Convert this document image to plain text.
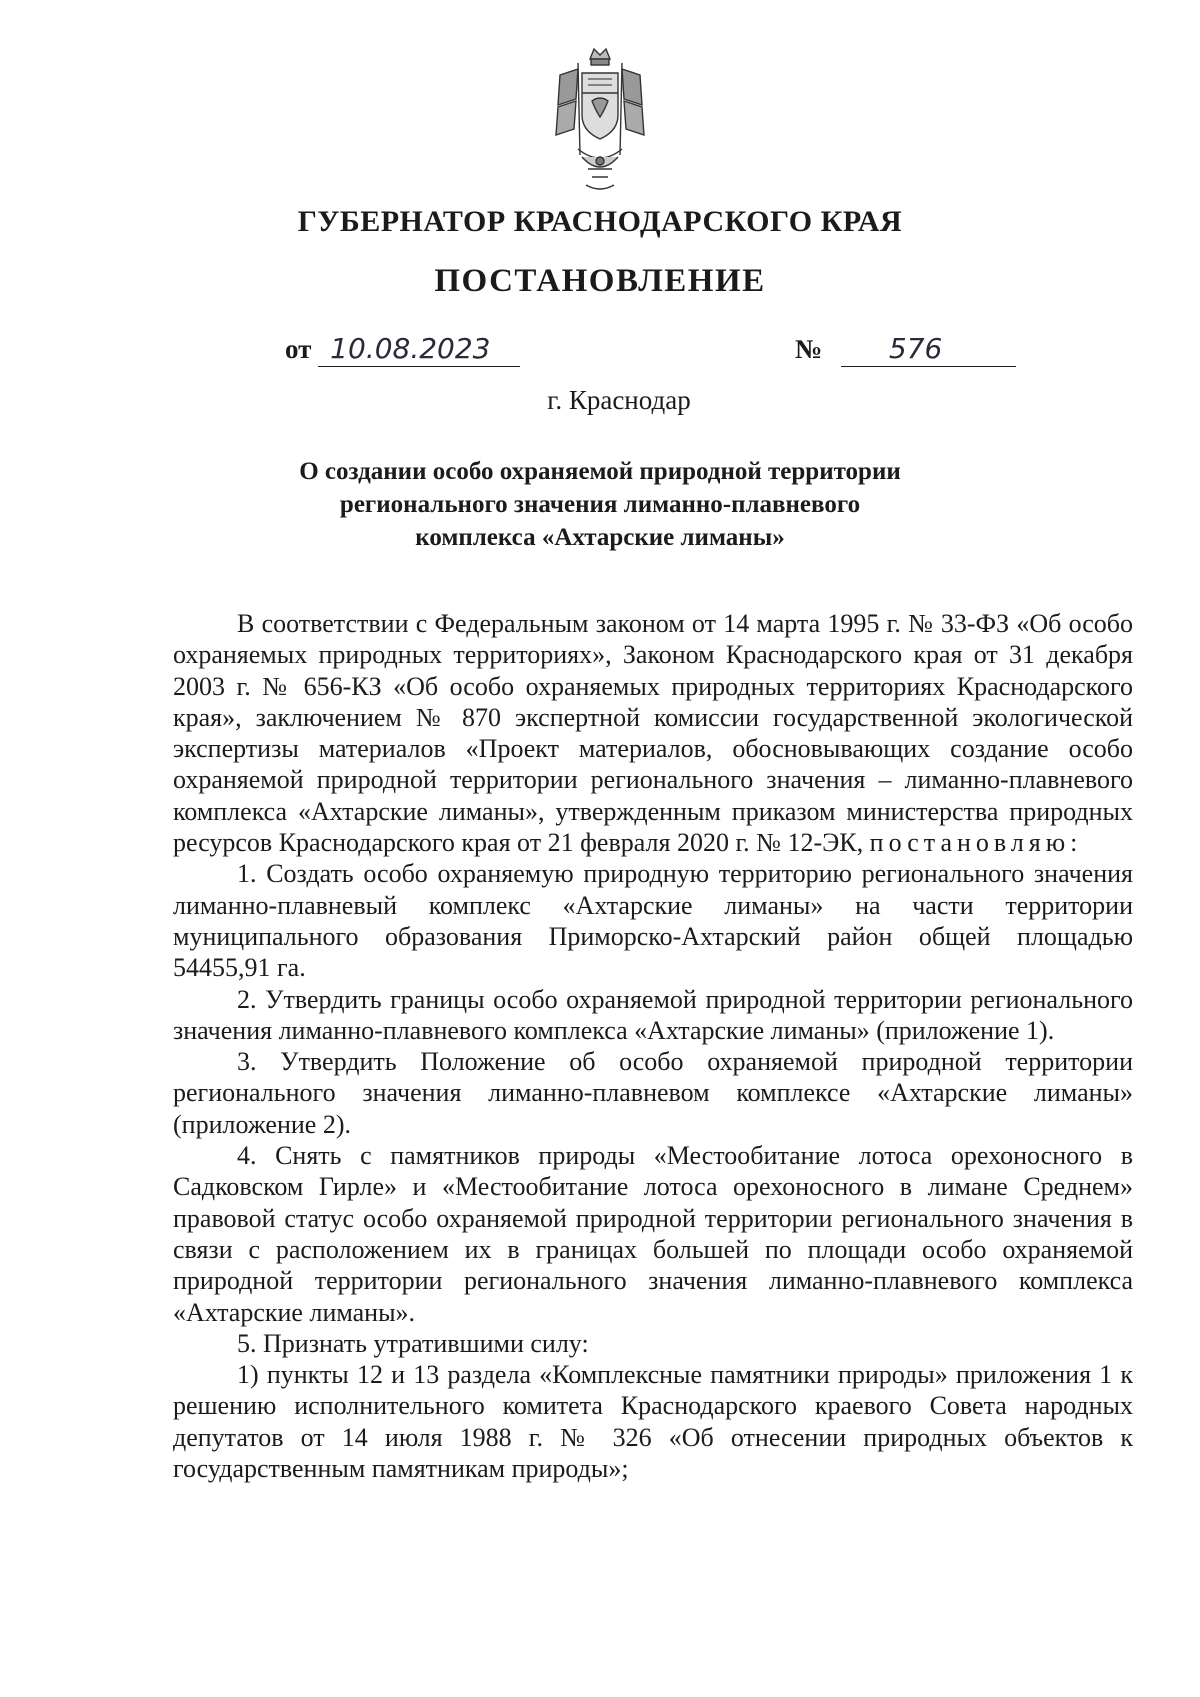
ГУБЕРНАТОР КРАСНОДАРСКОГО КРАЯ
ПОСТАНОВЛЕНИЕ
от 10.08.2023	№ 576
г. Краснодар
О создании особо охраняемой природной территории
регионального значения лиманно-плавневого
комплекса «Ахтарские лиманы»

В соответствии с Федеральным законом от 14 марта 1995 г. № 33-ФЗ «Об особо охраняемых природных территориях», Законом Краснодарского края от 31 декабря 2003 г. № 656-КЗ «Об особо охраняемых природных территориях Краснодарского края», заключением № 870 экспертной комиссии государственной экологической экспертизы материалов «Проект материалов, обосновывающих создание особо охраняемой природной территории регионального значения – лиманно-плавневого комплекса «Ахтарские лиманы», утвержденным приказом министерства природных ресурсов Краснодарского края от 21 февраля 2020 г. № 12-ЭК, постановляю:

1. Создать особо охраняемую природную территорию регионального значения лиманно-плавневый комплекс «Ахтарские лиманы» на части территории муниципального образования Приморско-Ахтарский район общей площадью 54455,91 га.

2. Утвердить границы особо охраняемой природной территории регионального значения лиманно-плавневого комплекса «Ахтарские лиманы» (приложение 1).

3. Утвердить Положение об особо охраняемой природной территории регионального значения лиманно-плавневом комплексе «Ахтарские лиманы» (приложение 2).

4. Снять с памятников природы «Местообитание лотоса орехоносного в Садковском Гирле» и «Местообитание лотоса орехоносного в лимане Среднем» правовой статус особо охраняемой природной территории регионального значения в связи с расположением их в границах большей по площади особо охраняемой природной территории регионального значения лиманно-плавневого комплекса «Ахтарские лиманы».

5. Признать утратившими силу:

1) пункты 12 и 13 раздела «Комплексные памятники природы» приложения 1 к решению исполнительного комитета Краснодарского краевого Совета народных депутатов от 14 июля 1988 г. № 326 «Об отнесении природных объектов к государственным памятникам природы»;
